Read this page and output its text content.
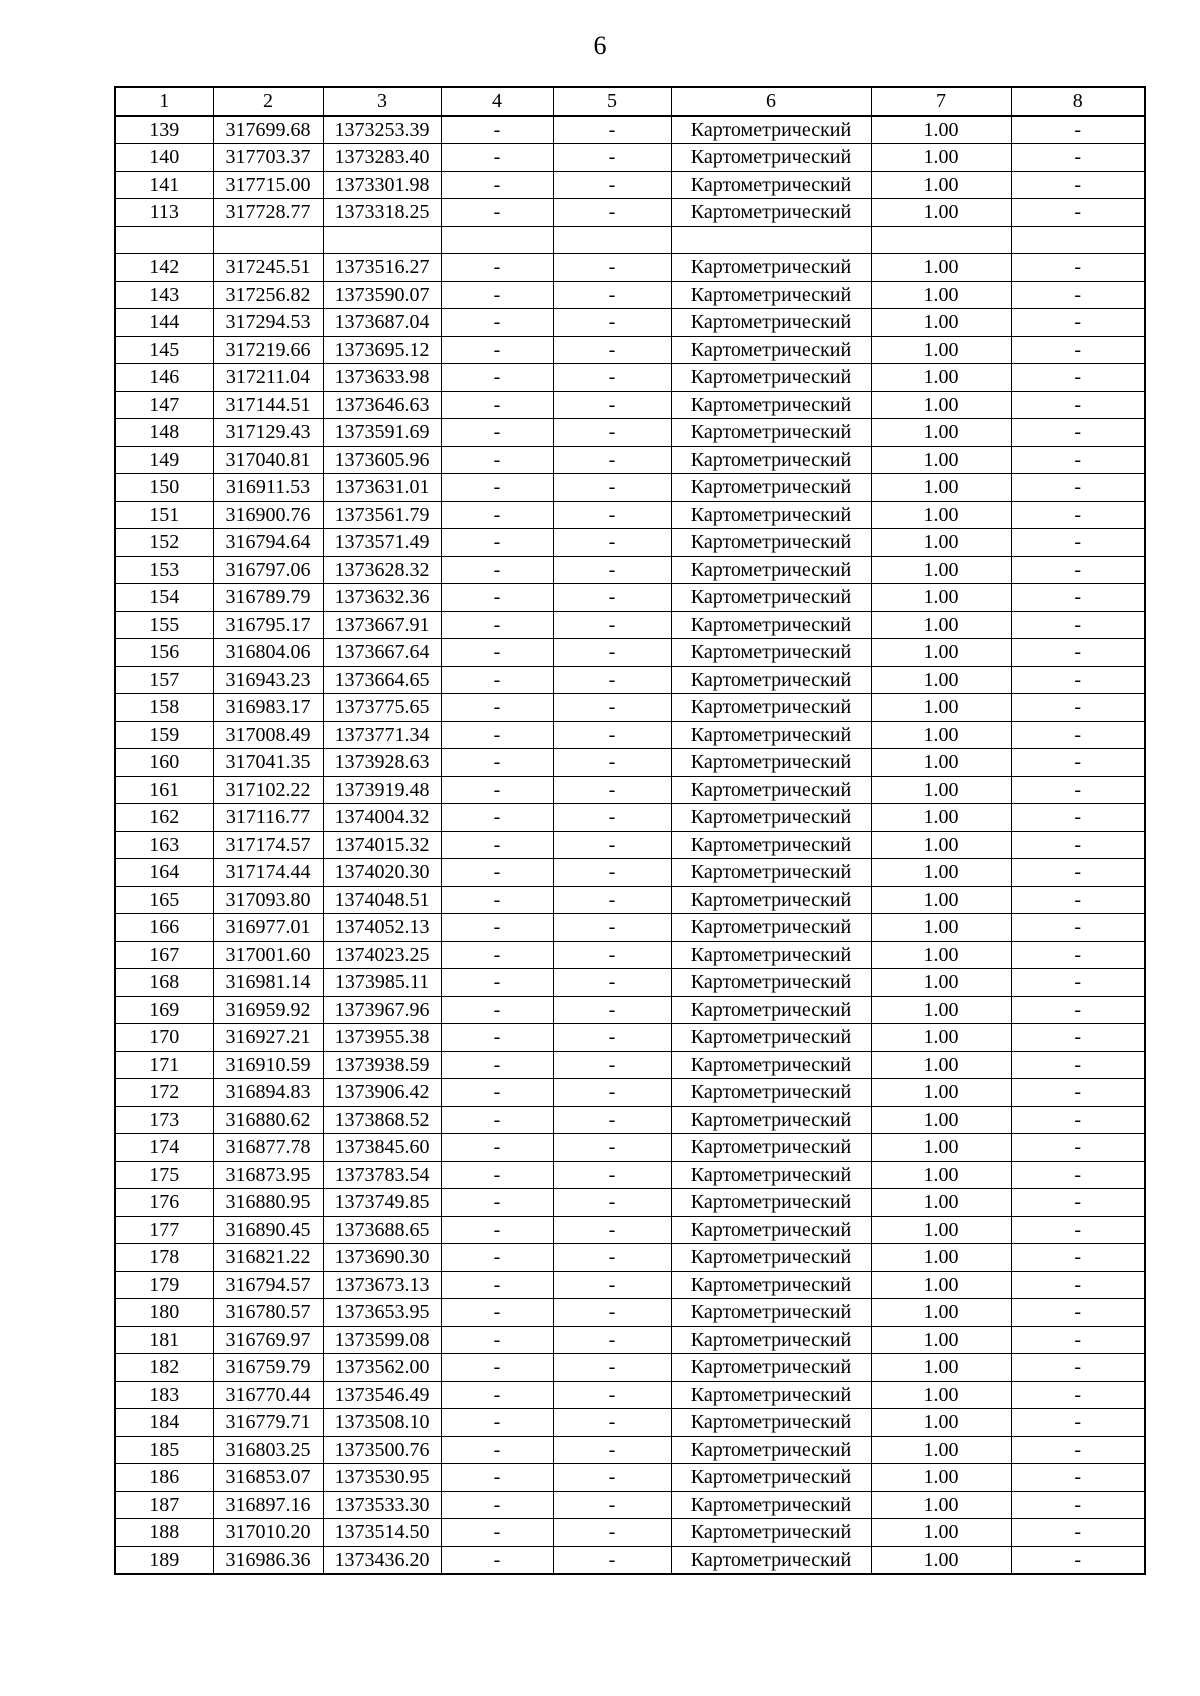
6
1	2	3	4	5	6	7	8
139	317699.68	1373253.39	-	-	Картометрический	1.00	-
140	317703.37	1373283.40	-	-	Картометрический	1.00	-
141	317715.00	1373301.98	-	-	Картометрический	1.00	-
113	317728.77	1373318.25	-	-	Картометрический	1.00	-

142	317245.51	1373516.27	-	-	Картометрический	1.00	-
143	317256.82	1373590.07	-	-	Картометрический	1.00	-
144	317294.53	1373687.04	-	-	Картометрический	1.00	-
145	317219.66	1373695.12	-	-	Картометрический	1.00	-
146	317211.04	1373633.98	-	-	Картометрический	1.00	-
147	317144.51	1373646.63	-	-	Картометрический	1.00	-
148	317129.43	1373591.69	-	-	Картометрический	1.00	-
149	317040.81	1373605.96	-	-	Картометрический	1.00	-
150	316911.53	1373631.01	-	-	Картометрический	1.00	-
151	316900.76	1373561.79	-	-	Картометрический	1.00	-
152	316794.64	1373571.49	-	-	Картометрический	1.00	-
153	316797.06	1373628.32	-	-	Картометрический	1.00	-
154	316789.79	1373632.36	-	-	Картометрический	1.00	-
155	316795.17	1373667.91	-	-	Картометрический	1.00	-
156	316804.06	1373667.64	-	-	Картометрический	1.00	-
157	316943.23	1373664.65	-	-	Картометрический	1.00	-
158	316983.17	1373775.65	-	-	Картометрический	1.00	-
159	317008.49	1373771.34	-	-	Картометрический	1.00	-
160	317041.35	1373928.63	-	-	Картометрический	1.00	-
161	317102.22	1373919.48	-	-	Картометрический	1.00	-
162	317116.77	1374004.32	-	-	Картометрический	1.00	-
163	317174.57	1374015.32	-	-	Картометрический	1.00	-
164	317174.44	1374020.30	-	-	Картометрический	1.00	-
165	317093.80	1374048.51	-	-	Картометрический	1.00	-
166	316977.01	1374052.13	-	-	Картометрический	1.00	-
167	317001.60	1374023.25	-	-	Картометрический	1.00	-
168	316981.14	1373985.11	-	-	Картометрический	1.00	-
169	316959.92	1373967.96	-	-	Картометрический	1.00	-
170	316927.21	1373955.38	-	-	Картометрический	1.00	-
171	316910.59	1373938.59	-	-	Картометрический	1.00	-
172	316894.83	1373906.42	-	-	Картометрический	1.00	-
173	316880.62	1373868.52	-	-	Картометрический	1.00	-
174	316877.78	1373845.60	-	-	Картометрический	1.00	-
175	316873.95	1373783.54	-	-	Картометрический	1.00	-
176	316880.95	1373749.85	-	-	Картометрический	1.00	-
177	316890.45	1373688.65	-	-	Картометрический	1.00	-
178	316821.22	1373690.30	-	-	Картометрический	1.00	-
179	316794.57	1373673.13	-	-	Картометрический	1.00	-
180	316780.57	1373653.95	-	-	Картометрический	1.00	-
181	316769.97	1373599.08	-	-	Картометрический	1.00	-
182	316759.79	1373562.00	-	-	Картометрический	1.00	-
183	316770.44	1373546.49	-	-	Картометрический	1.00	-
184	316779.71	1373508.10	-	-	Картометрический	1.00	-
185	316803.25	1373500.76	-	-	Картометрический	1.00	-
186	316853.07	1373530.95	-	-	Картометрический	1.00	-
187	316897.16	1373533.30	-	-	Картометрический	1.00	-
188	317010.20	1373514.50	-	-	Картометрический	1.00	-
189	316986.36	1373436.20	-	-	Картометрический	1.00	-
